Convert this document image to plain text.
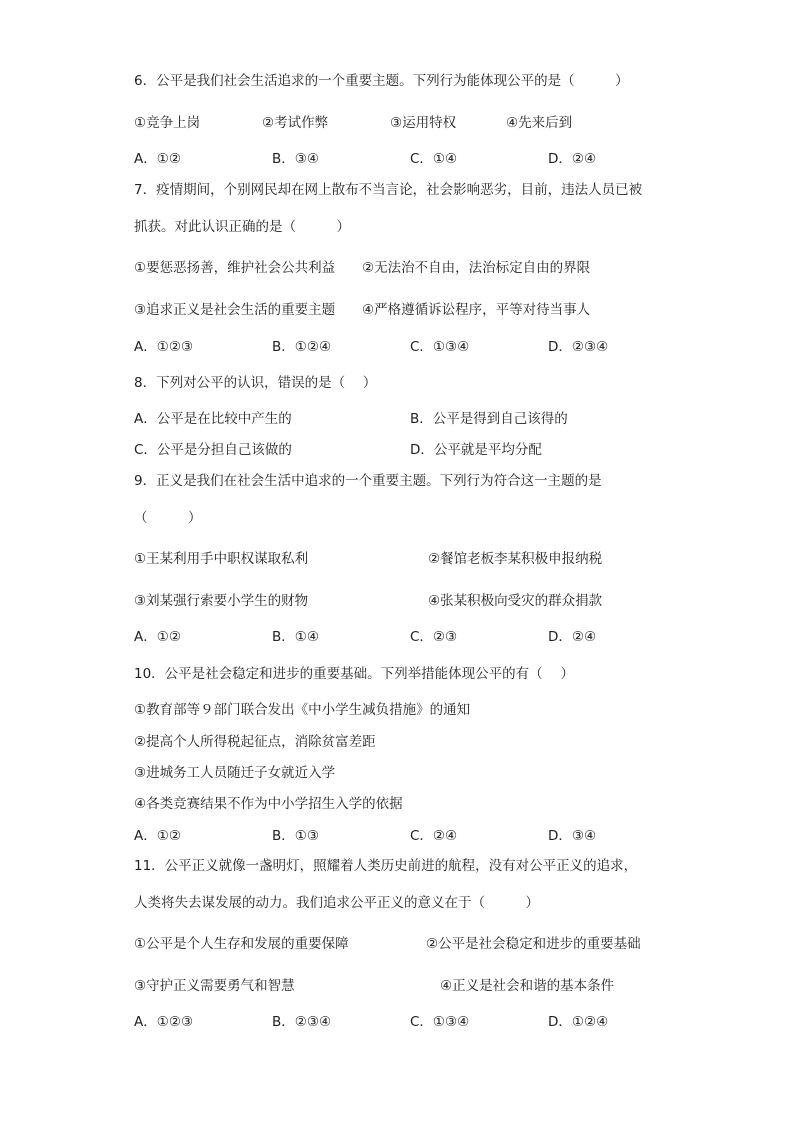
6．公平是我们社会生活追求的一个重要主题。下列行为能体现公平的是（　　　）
①竞争上岗	②考试作弊	③运用特权	④先来后到
A．①②	B．③④	C．①④	D．②④
7．疫情期间，个别网民却在网上散布不当言论，社会影响恶劣，目前，违法人员已被
抓获。对此认识正确的是（　　　）
①要惩恶扬善，维护社会公共利益 ②无法治不自由，法治标定自由的界限
③追求正义是社会生活的重要主题 ④严格遵循诉讼程序，平等对待当事人
A．①②③	B．①②④	C．①③④	D．②③④
8．下列对公平的认识，错误的是（　 ）
A．公平是在比较中产生的	B．公平是得到自己该得的
C．公平是分担自己该做的	D．公平就是平均分配
9．正义是我们在社会生活中追求的一个重要主题。下列行为符合这一主题的是
（　　　）
①王某利用手中职权谋取私利	②餐馆老板李某积极申报纳税
③刘某强行索要小学生的财物	④张某积极向受灾的群众捐款
A．①②	B．①④	C．②③	D．②④
10．公平是社会稳定和进步的重要基础。下列举措能体现公平的有（　 ）
①教育部等９部门联合发出《中小学生减负措施》的通知
②提高个人所得税起征点，消除贫富差距
③进城务工人员随迁子女就近入学
④各类竞赛结果不作为中小学招生入学的依据
A．①②	B．①③	C．②④	D．③④
11．公平正义就像一盏明灯，照耀着人类历史前进的航程，没有对公平正义的追求，
人类将失去谋发展的动力。我们追求公平正义的意义在于（　　　）
①公平是个人生存和发展的重要保障	②公平是社会稳定和进步的重要基础
③守护正义需要勇气和智慧	④正义是社会和谐的基本条件
A．①②③	B．②③④	C．①③④	D．①②④
